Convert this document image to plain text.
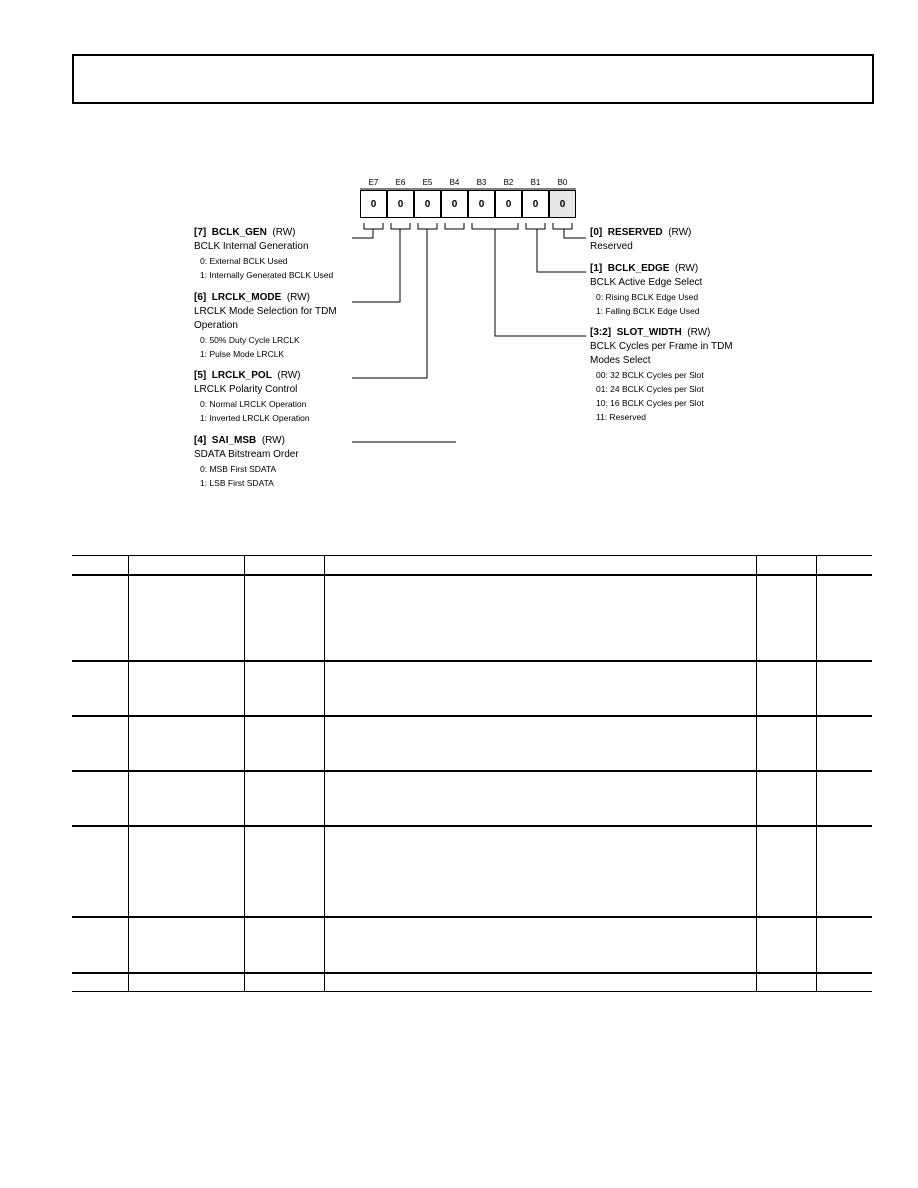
E7	E6	E5	B4	B3	B2	B1	B0
0	0	0	0	0	0	0	0
[7] BCLK_GEN (RW)
BCLK Internal Generation
0: External BCLK Used
1: Internally Generated BCLK Used
[6] LRCLK_MODE (RW)
LRCLK Mode Selection for TDM
Operation
0: 50% Duty Cycle LRCLK
1: Pulse Mode LRCLK
[5] LRCLK_POL (RW)
LRCLK Polarity Control
0: Normal LRCLK Operation
1: Inverted LRCLK Operation
[4] SAI_MSB (RW)
SDATA Bitstream Order
0: MSB First SDATA
1: LSB First SDATA
[0] RESERVED (RW)
Reserved
[1] BCLK_EDGE (RW)
BCLK Active Edge Select
0: Rising BCLK Edge Used
1: Falling BCLK Edge Used
[3:2] SLOT_WIDTH (RW)
BCLK Cycles per Frame in TDM
Modes Select
00: 32 BCLK Cycles per Slot
01: 24 BCLK Cycles per Slot
10: 16 BCLK Cycles per Slot
11: Reserved
